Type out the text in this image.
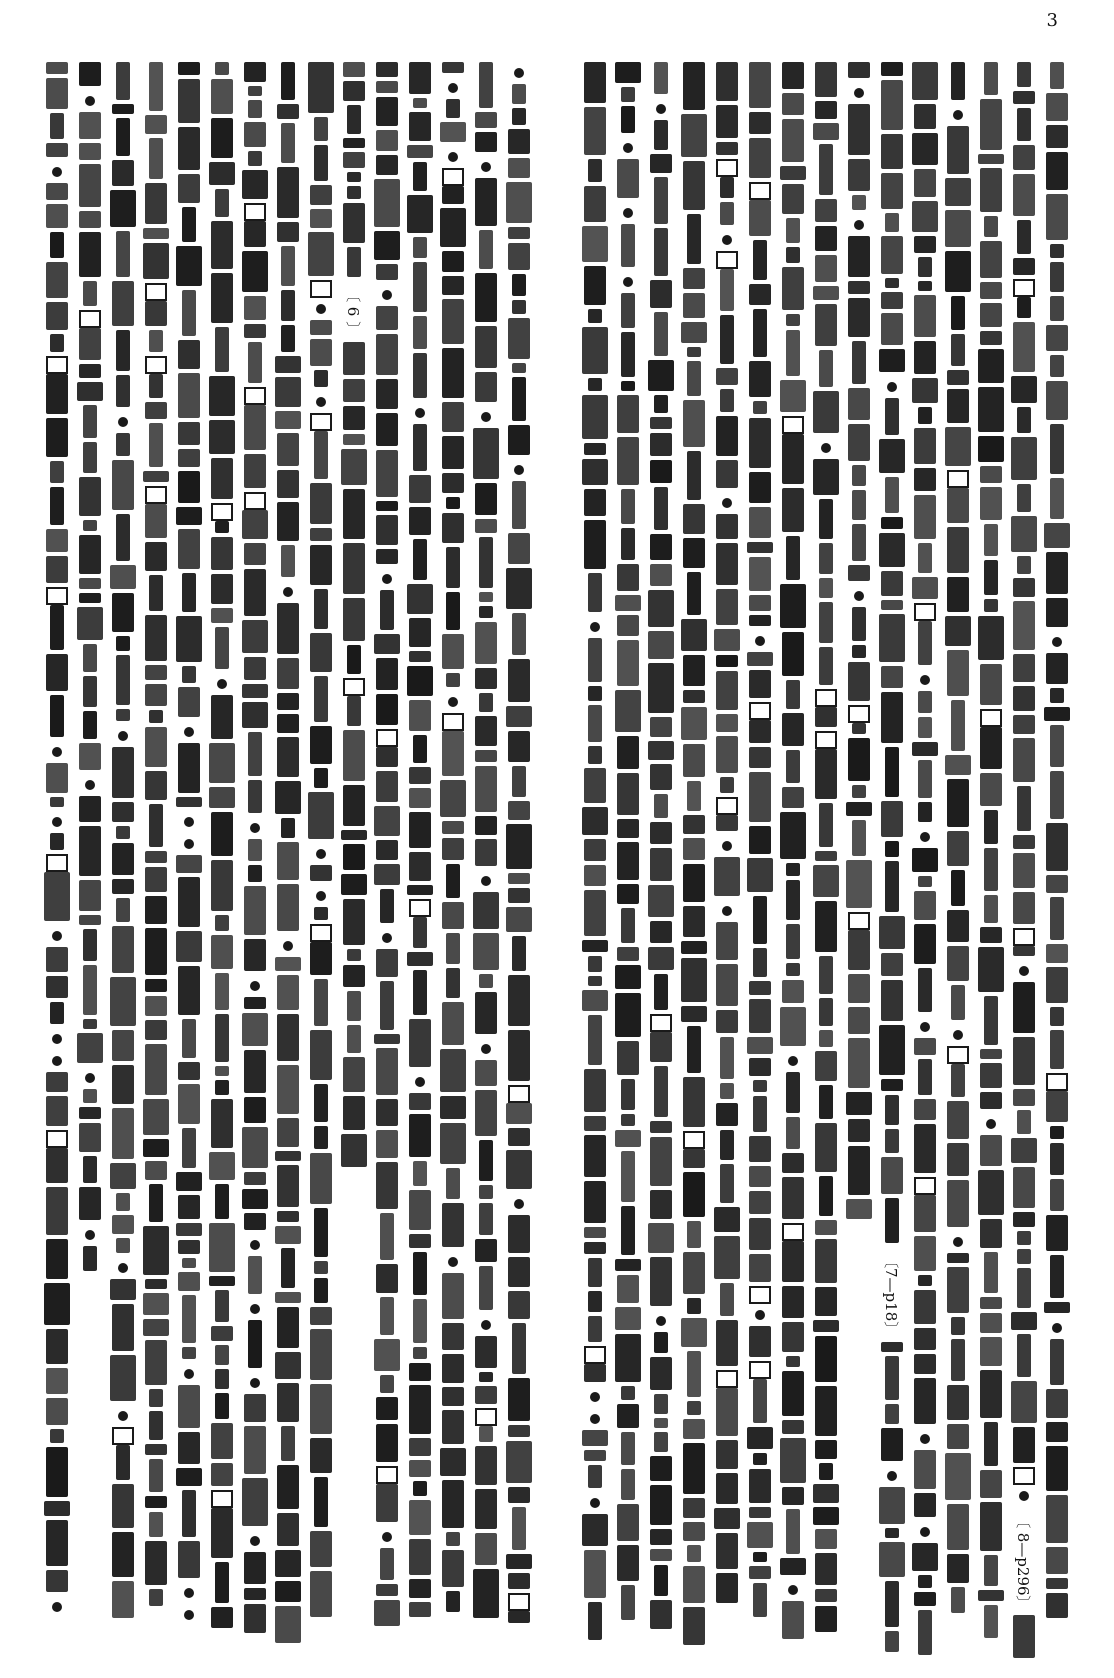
3
〔7—p18〕
〔 8—p296〕
〔 6 〕
